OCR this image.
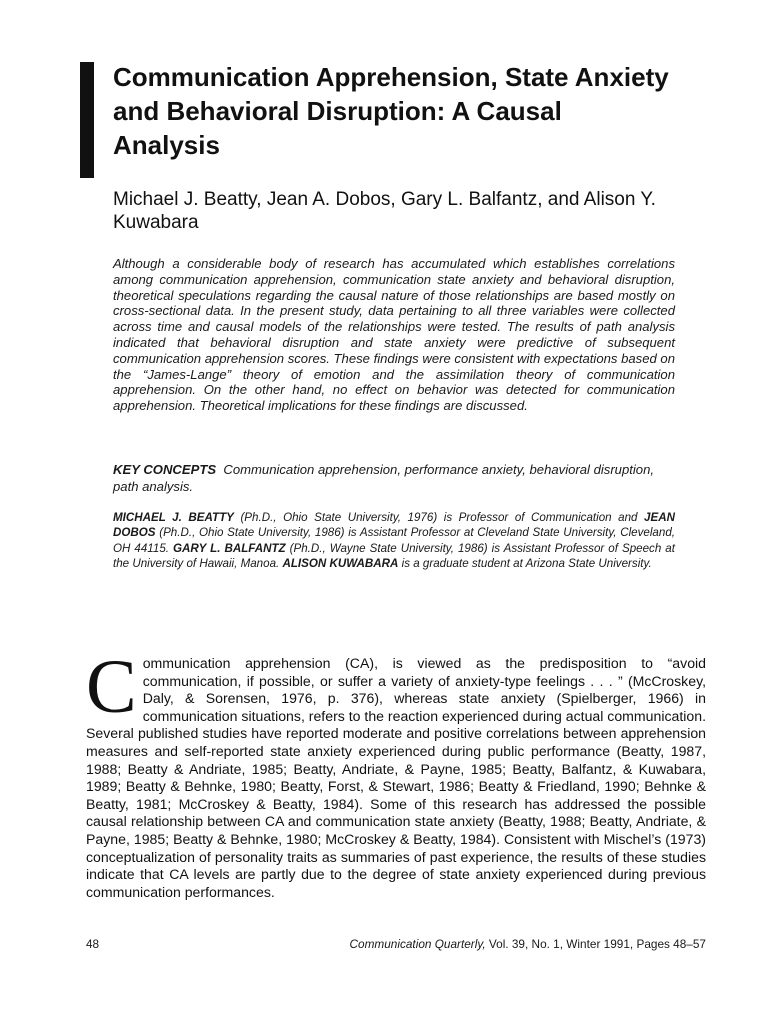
Communication Apprehension, State Anxiety and Behavioral Disruption: A Causal Analysis
Michael J. Beatty, Jean A. Dobos, Gary L. Balfantz, and Alison Y. Kuwabara
Although a considerable body of research has accumulated which establishes correlations among communication apprehension, communication state anxiety and behavioral disruption, theoretical speculations regarding the causal nature of those relationships are based mostly on cross-sectional data. In the present study, data pertaining to all three variables were collected across time and causal models of the relationships were tested. The results of path analysis indicated that behavioral disruption and state anxiety were predictive of subsequent communication apprehension scores. These findings were consistent with expectations based on the “James-Lange” theory of emotion and the assimilation theory of communication apprehension. On the other hand, no effect on behavior was detected for communication apprehension. Theoretical implications for these findings are discussed.
KEY CONCEPTS Communication apprehension, performance anxiety, behavioral disruption, path analysis.
MICHAEL J. BEATTY (Ph.D., Ohio State University, 1976) is Professor of Communication and JEAN DOBOS (Ph.D., Ohio State University, 1986) is Assistant Professor at Cleveland State University, Cleveland, OH 44115. GARY L. BALFANTZ (Ph.D., Wayne State University, 1986) is Assistant Professor of Speech at the University of Hawaii, Manoa. ALISON KUWABARA is a graduate student at Arizona State University.
Communication apprehension (CA), is viewed as the predisposition to “avoid communication, if possible, or suffer a variety of anxiety-type feelings . . . ” (McCroskey, Daly, & Sorensen, 1976, p. 376), whereas state anxiety (Spielberger, 1966) in communication situations, refers to the reaction experienced during actual communication. Several published studies have reported moderate and positive correlations between apprehension measures and self-reported state anxiety experienced during public performance (Beatty, 1987, 1988; Beatty & Andriate, 1985; Beatty, Andriate, & Payne, 1985; Beatty, Balfantz, & Kuwabara, 1989; Beatty & Behnke, 1980; Beatty, Forst, & Stewart, 1986; Beatty & Friedland, 1990; Behnke & Beatty, 1981; McCroskey & Beatty, 1984). Some of this research has addressed the possible causal relationship between CA and communication state anxiety (Beatty, 1988; Beatty, Andriate, & Payne, 1985; Beatty & Behnke, 1980; McCroskey & Beatty, 1984). Consistent with Mischel’s (1973) conceptualization of personality traits as summaries of past experience, the results of these studies indicate that CA levels are partly due to the degree of state anxiety experienced during previous communication performances.
48	Communication Quarterly, Vol. 39, No. 1, Winter 1991, Pages 48–57
